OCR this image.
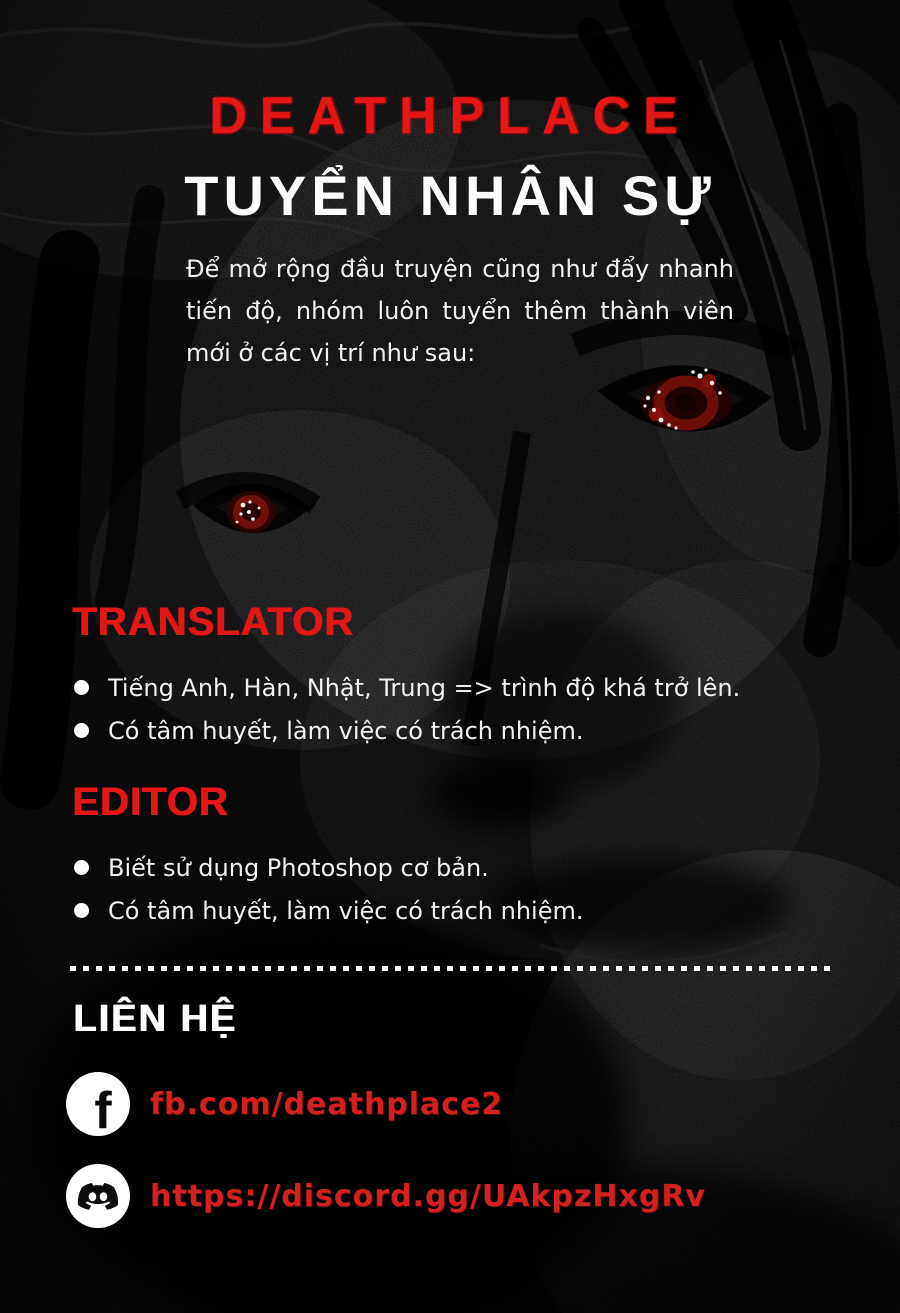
DEATHPLACE
TUYỂN NHÂN SỰ
Để mở rộng đầu truyện cũng như đẩy nhanh tiến độ, nhóm luôn tuyển thêm thành viên mới ở các vị trí như sau:
TRANSLATOR
Tiếng Anh, Hàn, Nhật, Trung => trình độ khá trở lên.
Có tâm huyết, làm việc có trách nhiệm.
EDITOR
Biết sử dụng Photoshop cơ bản.
Có tâm huyết, làm việc có trách nhiệm.
LIÊN HỆ
f fb.com/deathplace2
https://discord.gg/UAkpzHxgRv
